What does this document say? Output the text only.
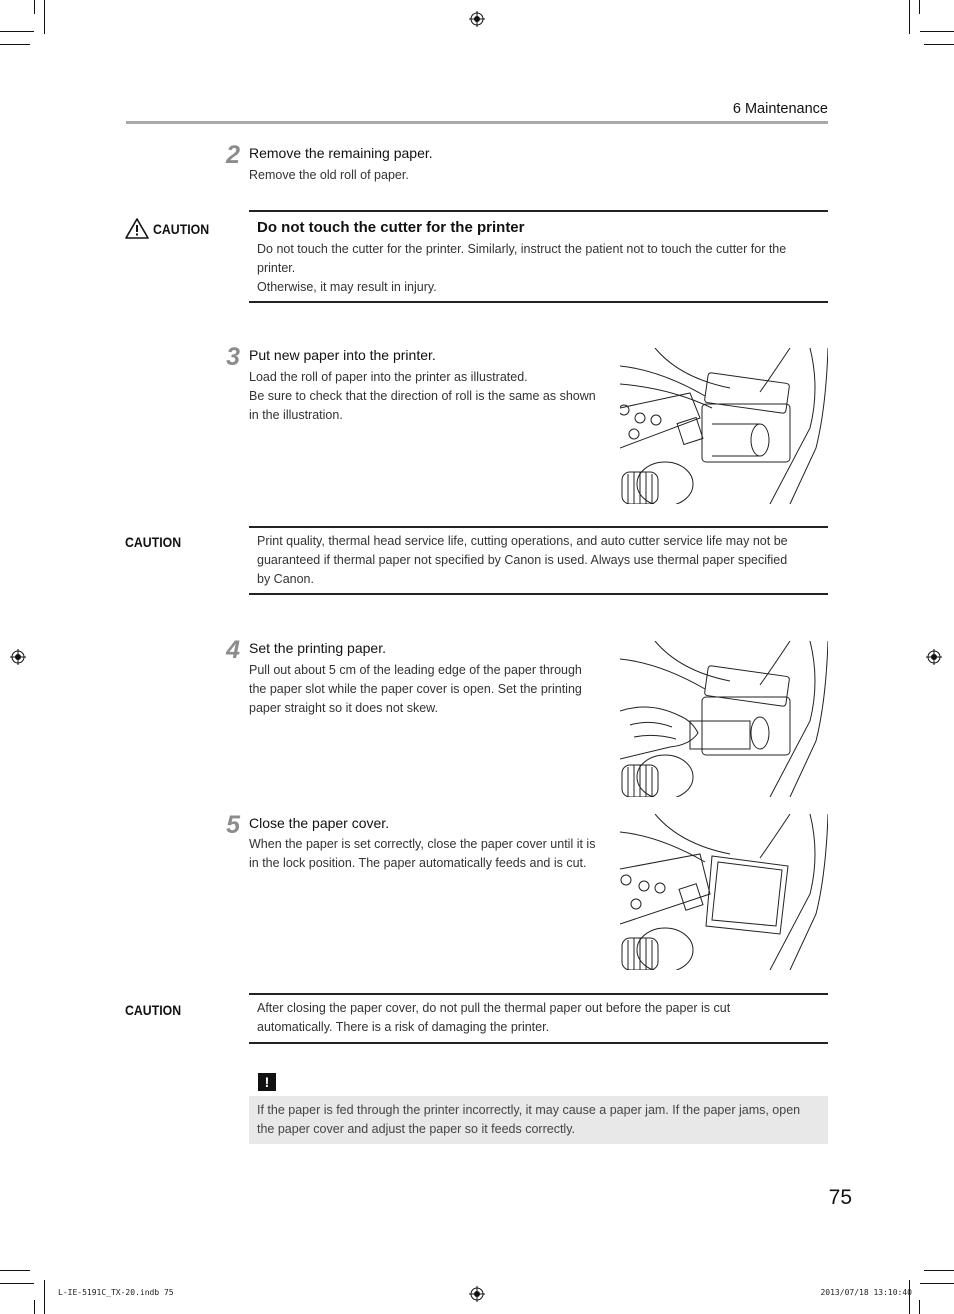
6 Maintenance
2 Remove the remaining paper.
Remove the old roll of paper.
CAUTION	Do not touch the cutter for the printer
Do not touch the cutter for the printer. Similarly, instruct the patient not to touch the cutter for the
printer.
Otherwise, it may result in injury.
3 Put new paper into the printer.
Load the roll of paper into the printer as illustrated.
Be sure to check that the direction of roll is the same as shown
in the illustration.
CAUTION	Print quality, thermal head service life, cutting operations, and auto cutter service life may not be
guaranteed if thermal paper not specified by Canon is used. Always use thermal paper specified
by Canon.
4 Set the printing paper.
Pull out about 5 cm of the leading edge of the paper through
the paper slot while the paper cover is open. Set the printing
paper straight so it does not skew.
5 Close the paper cover.
When the paper is set correctly, close the paper cover until it is
in the lock position. The paper automatically feeds and is cut.
CAUTION	After closing the paper cover, do not pull the thermal paper out before the paper is cut
automatically. There is a risk of damaging the printer.
!
If the paper is fed through the printer incorrectly, it may cause a paper jam. If the paper jams, open
the paper cover and adjust the paper so it feeds correctly.
75
L-IE-5191C_TX-20.indb 75	2013/07/18 13:10:40
